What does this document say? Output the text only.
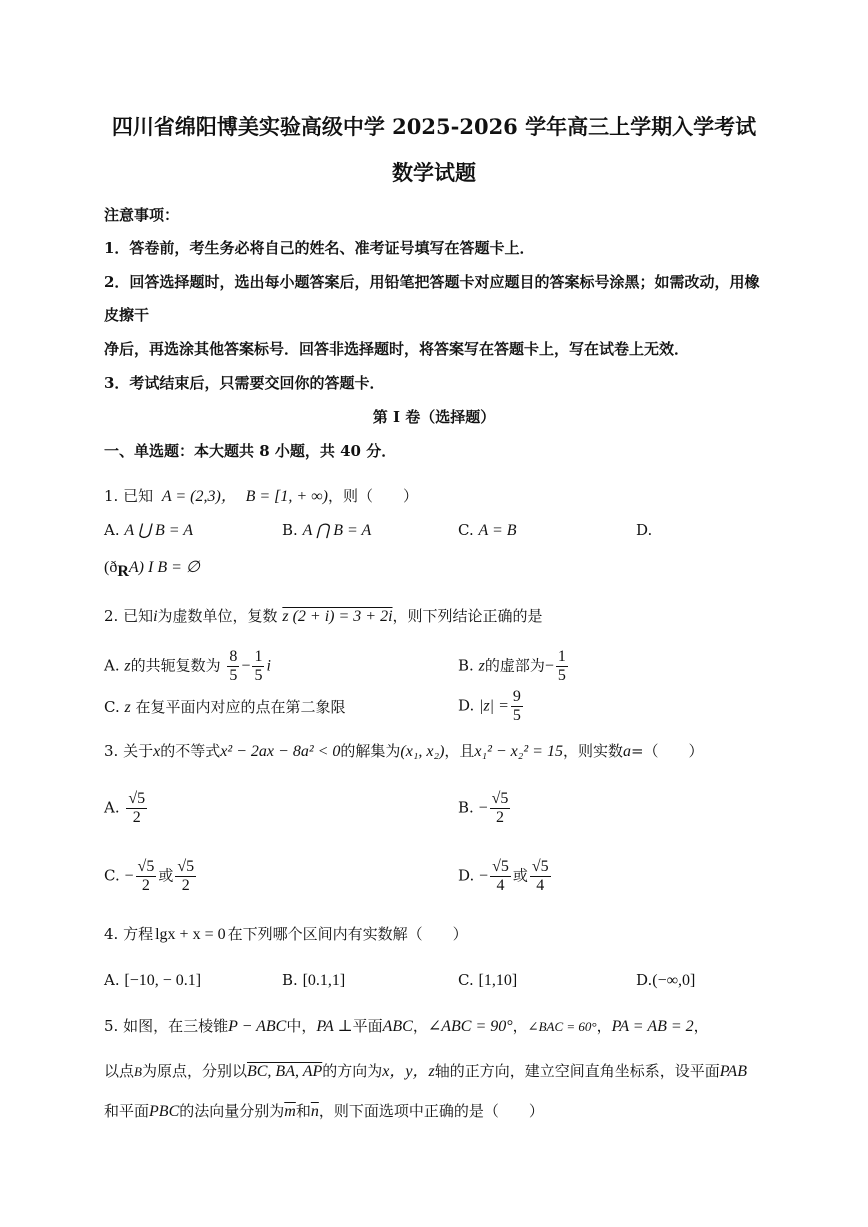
四川省绵阳博美实验高级中学 2025-2026 学年高三上学期入学考试
数学试题
注意事项：
1．答卷前，考生务必将自己的姓名、准考证号填写在答题卡上．
2．回答选择题时，选出每小题答案后，用铅笔把答题卡对应题目的答案标号涂黑；如需改动，用橡
皮擦干
净后，再选涂其他答案标号．回答非选择题时，将答案写在答题卡上，写在试卷上无效．
3．考试结束后，只需要交回你的答题卡．
第 I 卷（选择题）
一、单选题：本大题共 8 小题，共 40 分．
1. 已知 A = (2,3)， B = [1, + ∞)，则（　　）
A. A ⋃ B = A	B. A ⋂ B = A	C. A = B	D.
$(ð_RA)$ I B = ∅
2. 已知i为虚数单位，复数 z (2 + i) = 3 + 2i，则下列结论正确的是
A. z的共轭复数为 $\frac{8}{5} - \frac{1}{5}$ i	B. z的虚部为− $\frac{1}{5}$
C. z 在复平面内对应的点在第二象限	D. $|z| = \frac{9}{5}$
3. 关于x的不等式x² − 2ax − 8a² < 0的解集为(x₁, x₂)，且x₁² − x₂² = 15，则实数a=（　　）
A. $\frac{√5}{2}$	B. − $\frac{√5}{2}$
C. − $\frac{√5}{2}$ 或 $\frac{√5}{2}$	D. − $\frac{√5}{4}$ 或 $\frac{√5}{4}$
4. 方程 lgx + x = 0 在下列哪个区间内有实数解（　　）
A. [−10, − 0.1]	B. [0.1,1]	C. [1,10]	D.(−∞,0]
5. 如图，在三棱锥P − ABC中，PA ⊥平面ABC，∠ABC = 90°，∠BAC = 60°，PA = AB = 2，
以点B为原点，分别以BC, BA, AP的方向为x，y，z轴的正方向，建立空间直角坐标系，设平面PAB
和平面PBC的法向量分别为$\overline{m}$和$\overline{n}$，则下面选项中正确的是（　　）
